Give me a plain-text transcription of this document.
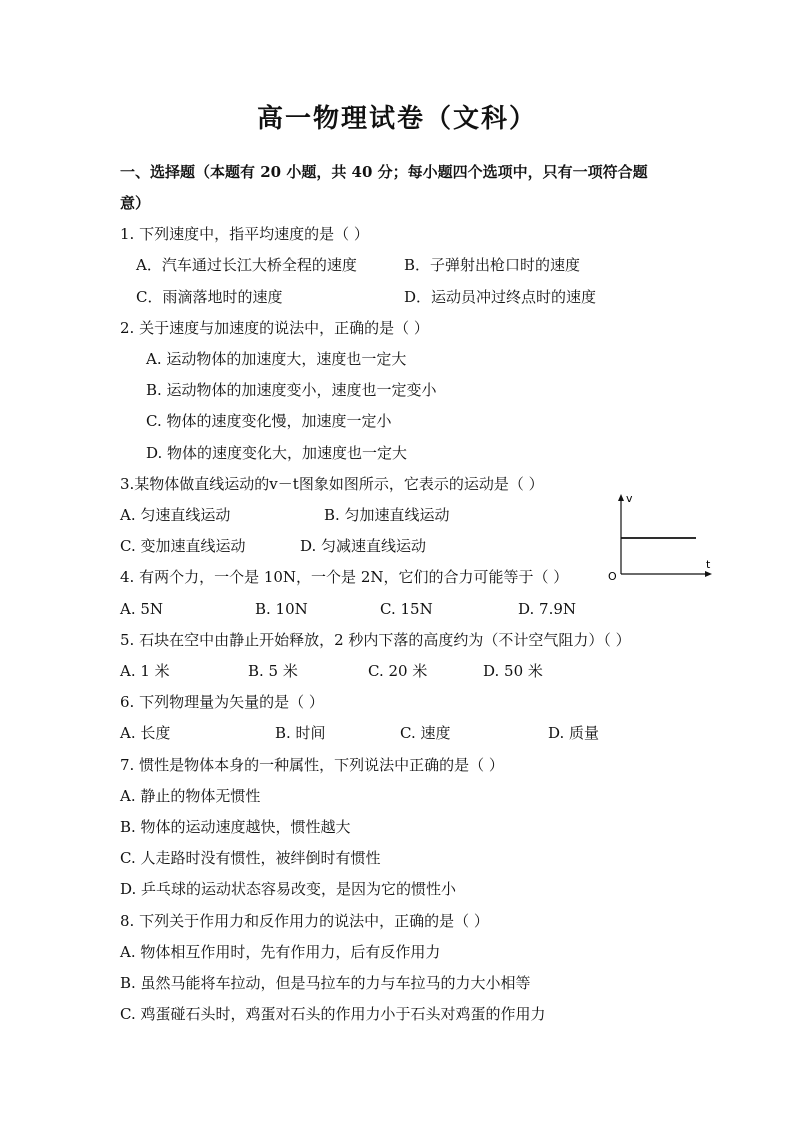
高一物理试卷（文科）
一、选择题（本题有 20 小题，共 40 分；每小题四个选项中，只有一项符合题
意）
1. 下列速度中，指平均速度的是（ ）
A．汽车通过长江大桥全程的速度	B．子弹射出枪口时的速度
C．雨滴落地时的速度	D．运动员冲过终点时的速度
2. 关于速度与加速度的说法中，正确的是（ ）
A. 运动物体的加速度大，速度也一定大
B. 运动物体的加速度变小，速度也一定变小
C. 物体的速度变化慢，加速度一定小
D. 物体的速度变化大，加速度也一定大
3.某物体做直线运动的v－t图象如图所示，它表示的运动是（ ）
A. 匀速直线运动	B. 匀加速直线运动
C. 变加速直线运动	D. 匀减速直线运动
v
t
O
4. 有两个力，一个是 10N，一个是 2N，它们的合力可能等于（ ）
A. 5N	B. 10N	C. 15N	D. 7.9N
5. 石块在空中由静止开始释放，2 秒内下落的高度约为（不计空气阻力）（ ）
A. 1 米	B. 5 米	C. 20 米	D. 50 米
6. 下列物理量为矢量的是（ ）
A. 长度	B. 时间	C. 速度	D. 质量
7. 惯性是物体本身的一种属性，下列说法中正确的是（ ）
A. 静止的物体无惯性
B. 物体的运动速度越快，惯性越大
C. 人走路时没有惯性，被绊倒时有惯性
D. 乒乓球的运动状态容易改变，是因为它的惯性小
8. 下列关于作用力和反作用力的说法中，正确的是（ ）
A. 物体相互作用时，先有作用力，后有反作用力
B. 虽然马能将车拉动，但是马拉车的力与车拉马的力大小相等
C. 鸡蛋碰石头时，鸡蛋对石头的作用力小于石头对鸡蛋的作用力
